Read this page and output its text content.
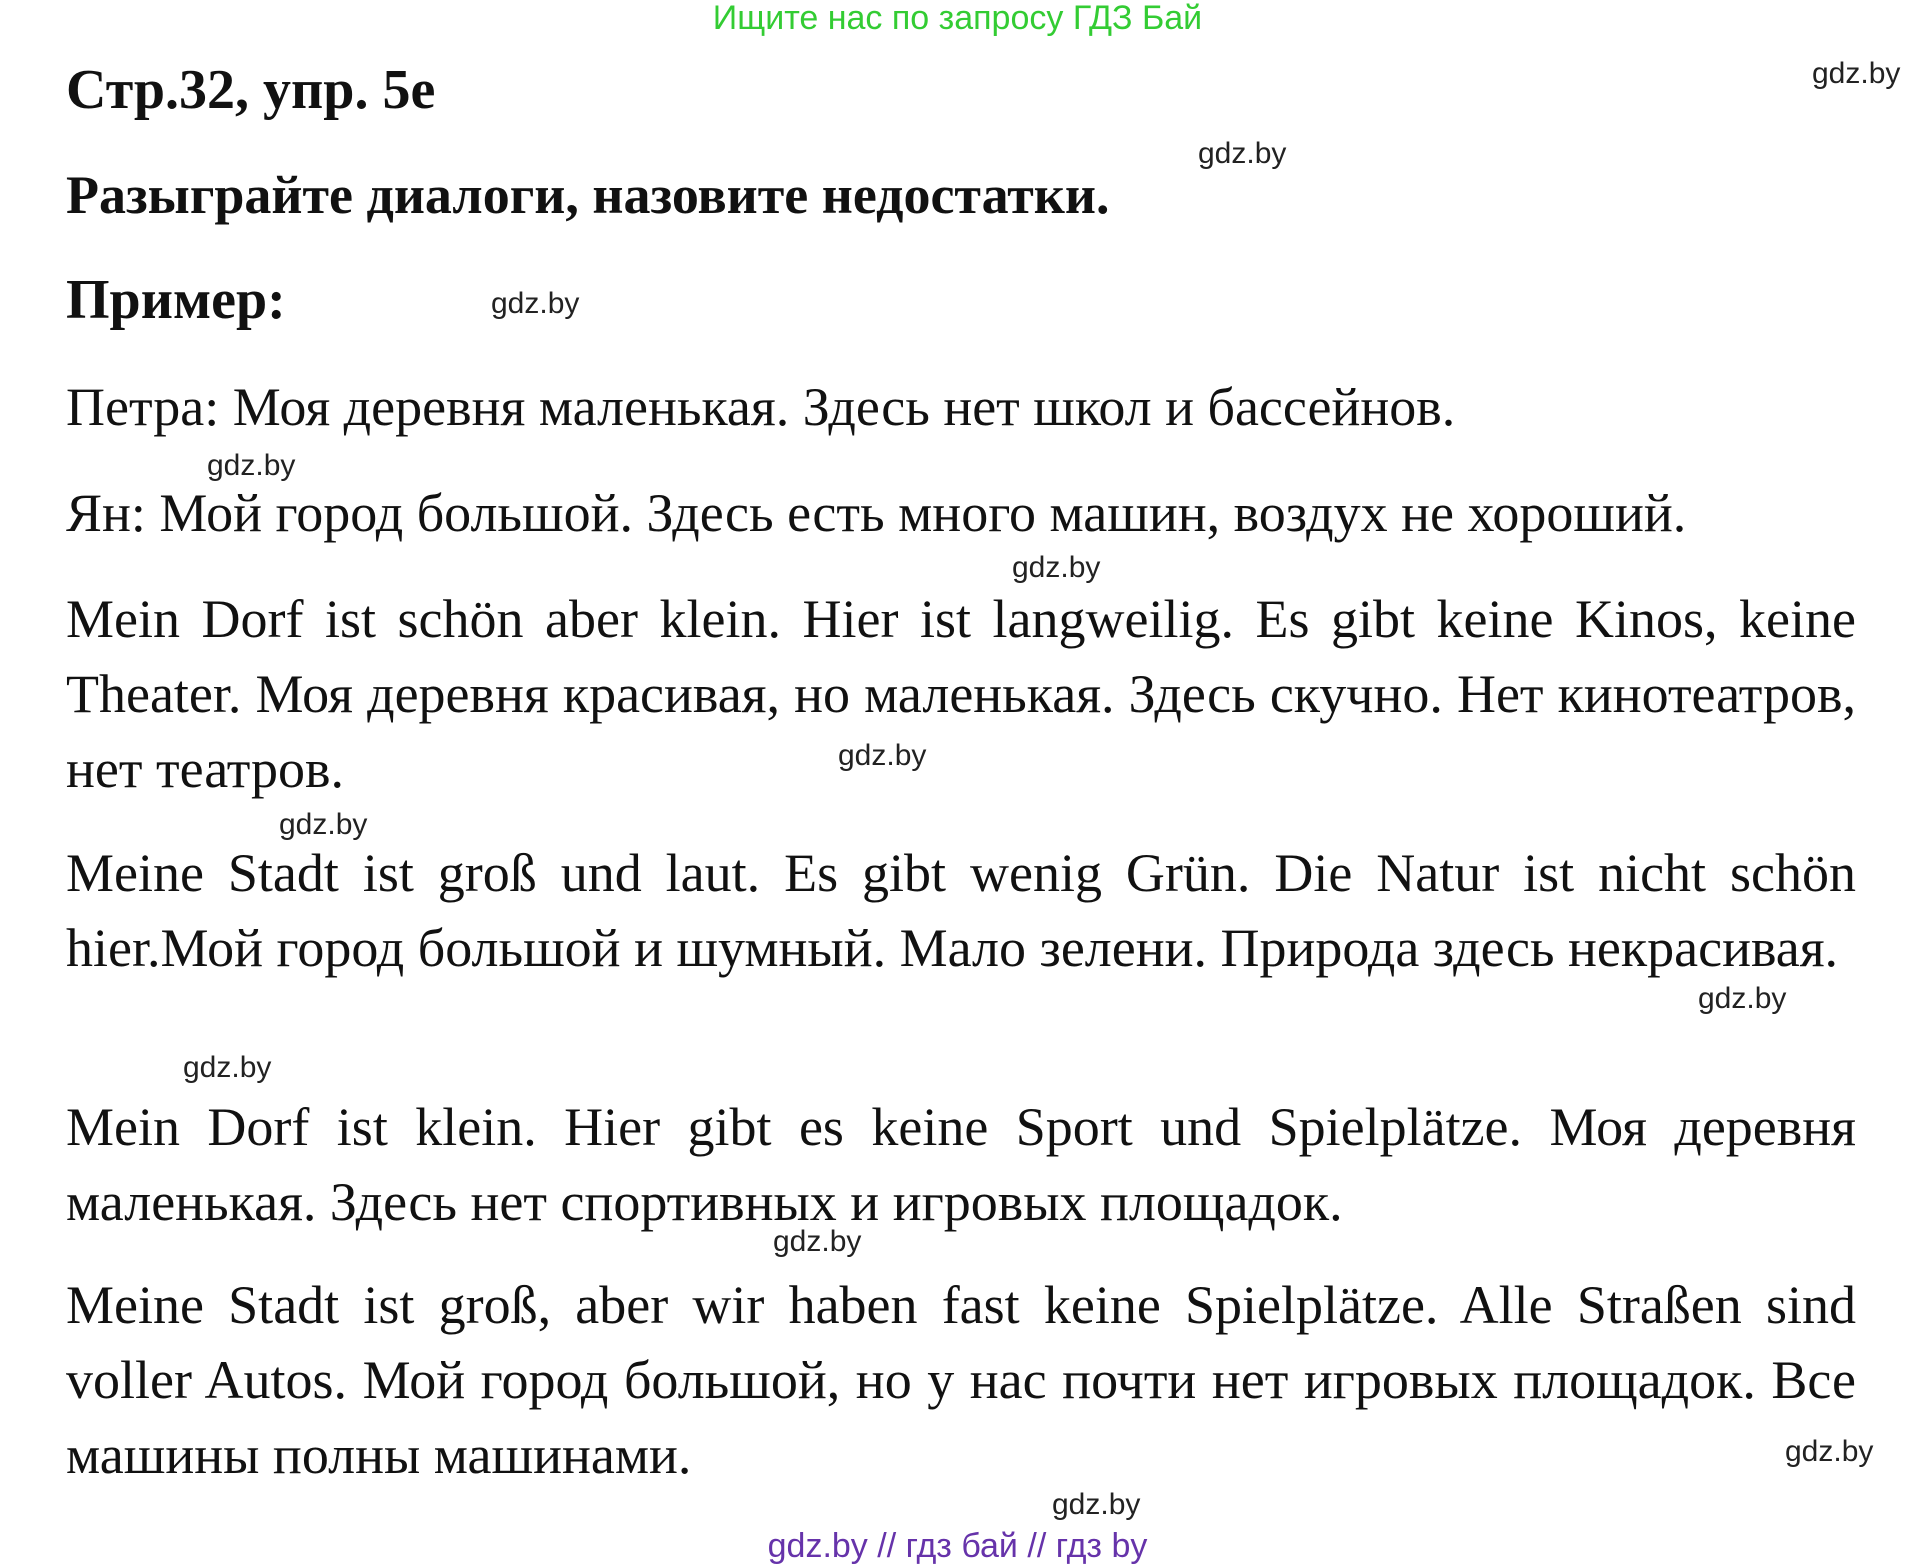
Ищите нас по запросу ГДЗ Бай
Стр.32, упр. 5е
Разыграйте диалоги, назовите недостатки.
Пример:
Петра: Моя деревня маленькая. Здесь нет школ и бассейнов.
Ян: Мой город большой. Здесь есть много машин, воздух не хороший.
Mein Dorf ist schön aber klein. Hier ist langweilig. Es gibt keine Kinos, keine Theater. Моя деревня красивая, но маленькая. Здесь скучно. Нет кинотеатров, нет театров.
Meine Stadt ist groß und laut. Es gibt wenig Grün. Die Natur ist nicht schön hier.Мой город большой и шумный. Мало зелени. Природа здесь некрасивая.
Mein Dorf ist klein. Hier gibt es keine Sport und Spielplätze. Моя деревня маленькая. Здесь нет спортивных и игровых площадок.
Meine Stadt ist groß, aber wir haben fast keine Spielplätze. Alle Straßen sind voller Autos. Мой город большой, но у нас почти нет игровых площадок. Все машины полны машинами.
gdz.by
gdz.by
gdz.by
gdz.by
gdz.by
gdz.by
gdz.by
gdz.by
gdz.by
gdz.by
gdz.by
gdz.by
gdz.by // гдз бай // гдз by
